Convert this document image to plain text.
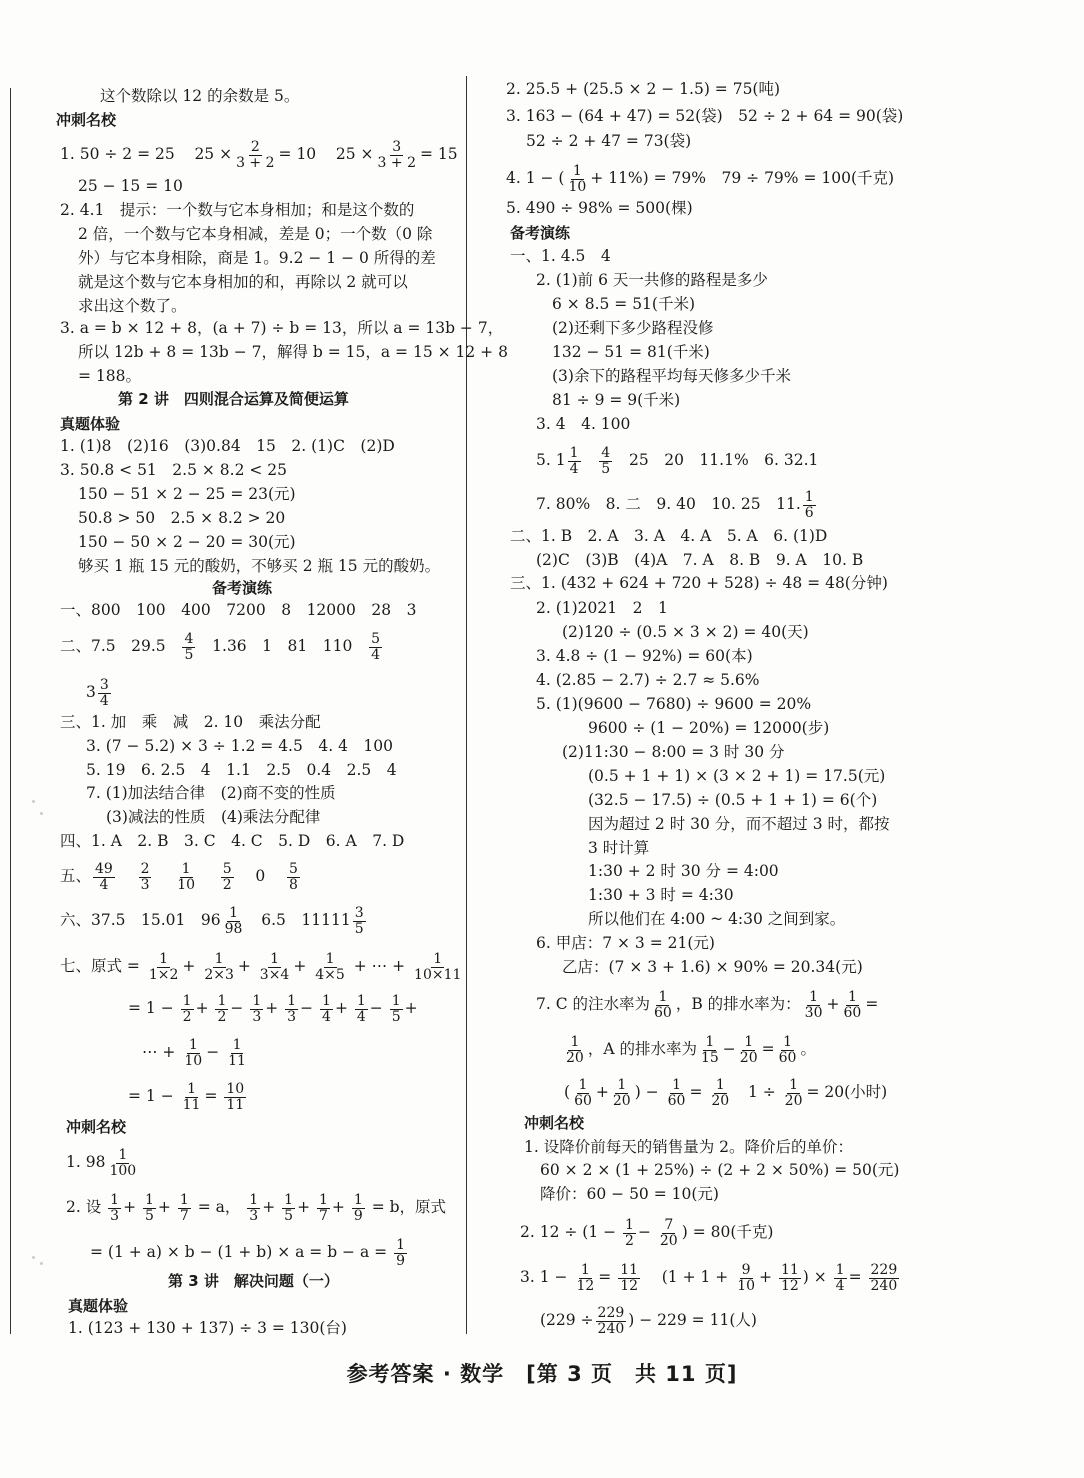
这个数除以 12 的余数是 5。
冲刺名校
1. 50 ÷ 2 = 25 $25 \times \frac{2}{3 + 2} = 10$ $25 \times \frac{3}{3 + 2} = 15$
25 − 15 = 10
2. 4.1　提示：一个数与它本身相加；和是这个数的
2 倍，一个数与它本身相减，差是 0；一个数（0 除
外）与它本身相除，商是 1。9.2 − 1 − 0 所得的差
就是这个数与它本身相加的和，再除以 2 就可以
求出这个数了。
3. a = b × 12 + 8，(a + 7) ÷ b = 13，所以 a = 13b − 7，
所以 12b + 8 = 13b − 7，解得 b = 15，a = 15 × 12 + 8
= 188。
第 2 讲　四则混合运算及简便运算
真题体验
1. (1)8　(2)16　(3)0.84　15　2. (1)C　(2)D
3. 50.8 < 51　2.5 × 8.2 < 25
150 − 51 × 2 − 25 = 23(元)
50.8 > 50　2.5 × 8.2 > 20
150 − 50 × 2 − 20 = 30(元)
够买 1 瓶 15 元的酸奶，不够买 2 瓶 15 元的酸奶。
备考演练
一、800　100　400　7200　8　12000　28　3
二、7.5　$29.5 \frac{4}{5} 1.36$　1　81　$110 \frac{5}{4}$
$3 \frac{3}{4}$
三、1. 加　乘　减　2. 10　乘法分配
3. (7 − 5.2) × 3 ÷ 1.2 = 4.5　4. 4　100
5. 19　6. 2.5　4　1.1　2.5　0.4　2.5　4
7. (1)加法结合律　(2)商不变的性质
(3)减法的性质　(4)乘法分配律
四、1. A　2. B　3. C　4. C　5. D　6. A　7. D
五、 $\frac{49}{4}$
$\frac{2}{3}$
$\frac{1}{10}$
$\frac{5}{2} 0 \frac{5}{8}$
六、37.5　15.01　$96 \frac{1}{98} 6.5$　$11111 \frac{3}{5}$
七、原式 = $\frac{1}{1\times 2} + \frac{1}{2\times 3} + \frac{1}{3\times 4} + \frac{1}{4\times 5}$ + ⋯ + $\frac{1}{10\times 11}$
= $1 - \frac{1}{2} + \frac{1}{2} - \frac{1}{3} + \frac{1}{3} - \frac{1}{4} + \frac{1}{4} - \frac{1}{5}$ +
⋯ + $\frac{1}{10} - \frac{1}{11}$
= $1 - \frac{1}{11} = \frac{10}{11}$
冲刺名校
1. $98 \frac{1}{100}$
2. 设 $\frac{1}{3} + \frac{1}{5} + \frac{1}{7} = a$， $\frac{1}{3} + \frac{1}{5} + \frac{1}{7} + \frac{1}{9} = b$，原式
= $(1 + a) \times b - (1 + b) \times a = b - a = \frac{1}{9}$
第 3 讲　解决问题（一）
真题体验
1. (123 + 130 + 137) ÷ 3 = 130(台)
2. 25.5 + (25.5 × 2 − 1.5) = 75(吨)
3. 163 − (64 + 47) = 52(袋)　52 ÷ 2 + 64 = 90(袋)
52 ÷ 2 + 47 = 73(袋)
4. 1 − ( $\frac{1}{10} + 11\%) = 79\%$　79 ÷ 79% = 100(千克)
5. 490 ÷ 98% = 500(棵)
备考演练
一、1. 4.5　4
2. (1)前 6 天一共修的路程是多少
6 × 8.5 = 51(千米)
(2)还剩下多少路程没修
132 − 51 = 81(千米)
(3)余下的路程平均每天修多少千米
81 ÷ 9 = 9(千米)
3. 4　4. 100
5. $1 \frac{1}{4}$
$\frac{4}{5} 25$　20　11.1%　6. 32.1
7. 80%　8. 二　9. 40　10. 25　11. $\frac{1}{6}$
二、1. B　2. A　3. A　4. A　5. A　6. (1)D
(2)C　(3)B　(4)A　7. A　8. B　9. A　10. B
三、1. (432 + 624 + 720 + 528) ÷ 48 = 48(分钟)
2. (1)2021　2　1
(2)120 ÷ (0.5 × 3 × 2) = 40(天)
3. 4.8 ÷ (1 − 92%) = 60(本)
4. (2.85 − 2.7) ÷ 2.7 ≈ 5.6%
5. (1)(9600 − 7680) ÷ 9600 = 20%
9600 ÷ (1 − 20%) = 12000(步)
(2)11:30 − 8:00 = 3 时 30 分
(0.5 + 1 + 1) × (3 × 2 + 1) = 17.5(元)
(32.5 − 17.5) ÷ (0.5 + 1 + 1) = 6(个)
因为超过 2 时 30 分，而不超过 3 时，都按
3 时计算
1:30 + 2 时 30 分 = 4:00
1:30 + 3 时 = 4:30
所以他们在 4:00 ~ 4:30 之间到家。
6. 甲店：7 × 3 = 21(元)
乙店：(7 × 3 + 1.6) × 90% = 20.34(元)
7. C 的注水率为 $\frac{1}{60}$ ，B 的排水率为： $\frac{1}{30} + \frac{1}{60}$ =
$\frac{1}{20}$ ，A 的排水率为 $\frac{1}{15} - \frac{1}{20} = \frac{1}{60}$ 。
( $\frac{1}{60} + \frac{1}{20}$ ) − $\frac{1}{60} = \frac{1}{20} 1 \div \frac{1}{20} = 20$(小时)
冲刺名校
1. 设降价前每天的销售量为 2。降价后的单价：
60 × 2 × (1 + 25%) ÷ (2 + 2 × 50%) = 50(元)
降价：60 − 50 = 10(元)
2. $12 \div (1 - \frac{1}{2} - \frac{7}{20}$ ) = 80(千克)
3. $1 - \frac{1}{12} = \frac{11}{12} (1 + 1 + \frac{9}{10} + \frac{11}{12}$ ) × $\frac{1}{4} = \frac{229}{240}$
($229 \div \frac{229}{240}$ ) − 229 = 11(人)
参考答案 · 数学　[第 3 页　共 11 页]
